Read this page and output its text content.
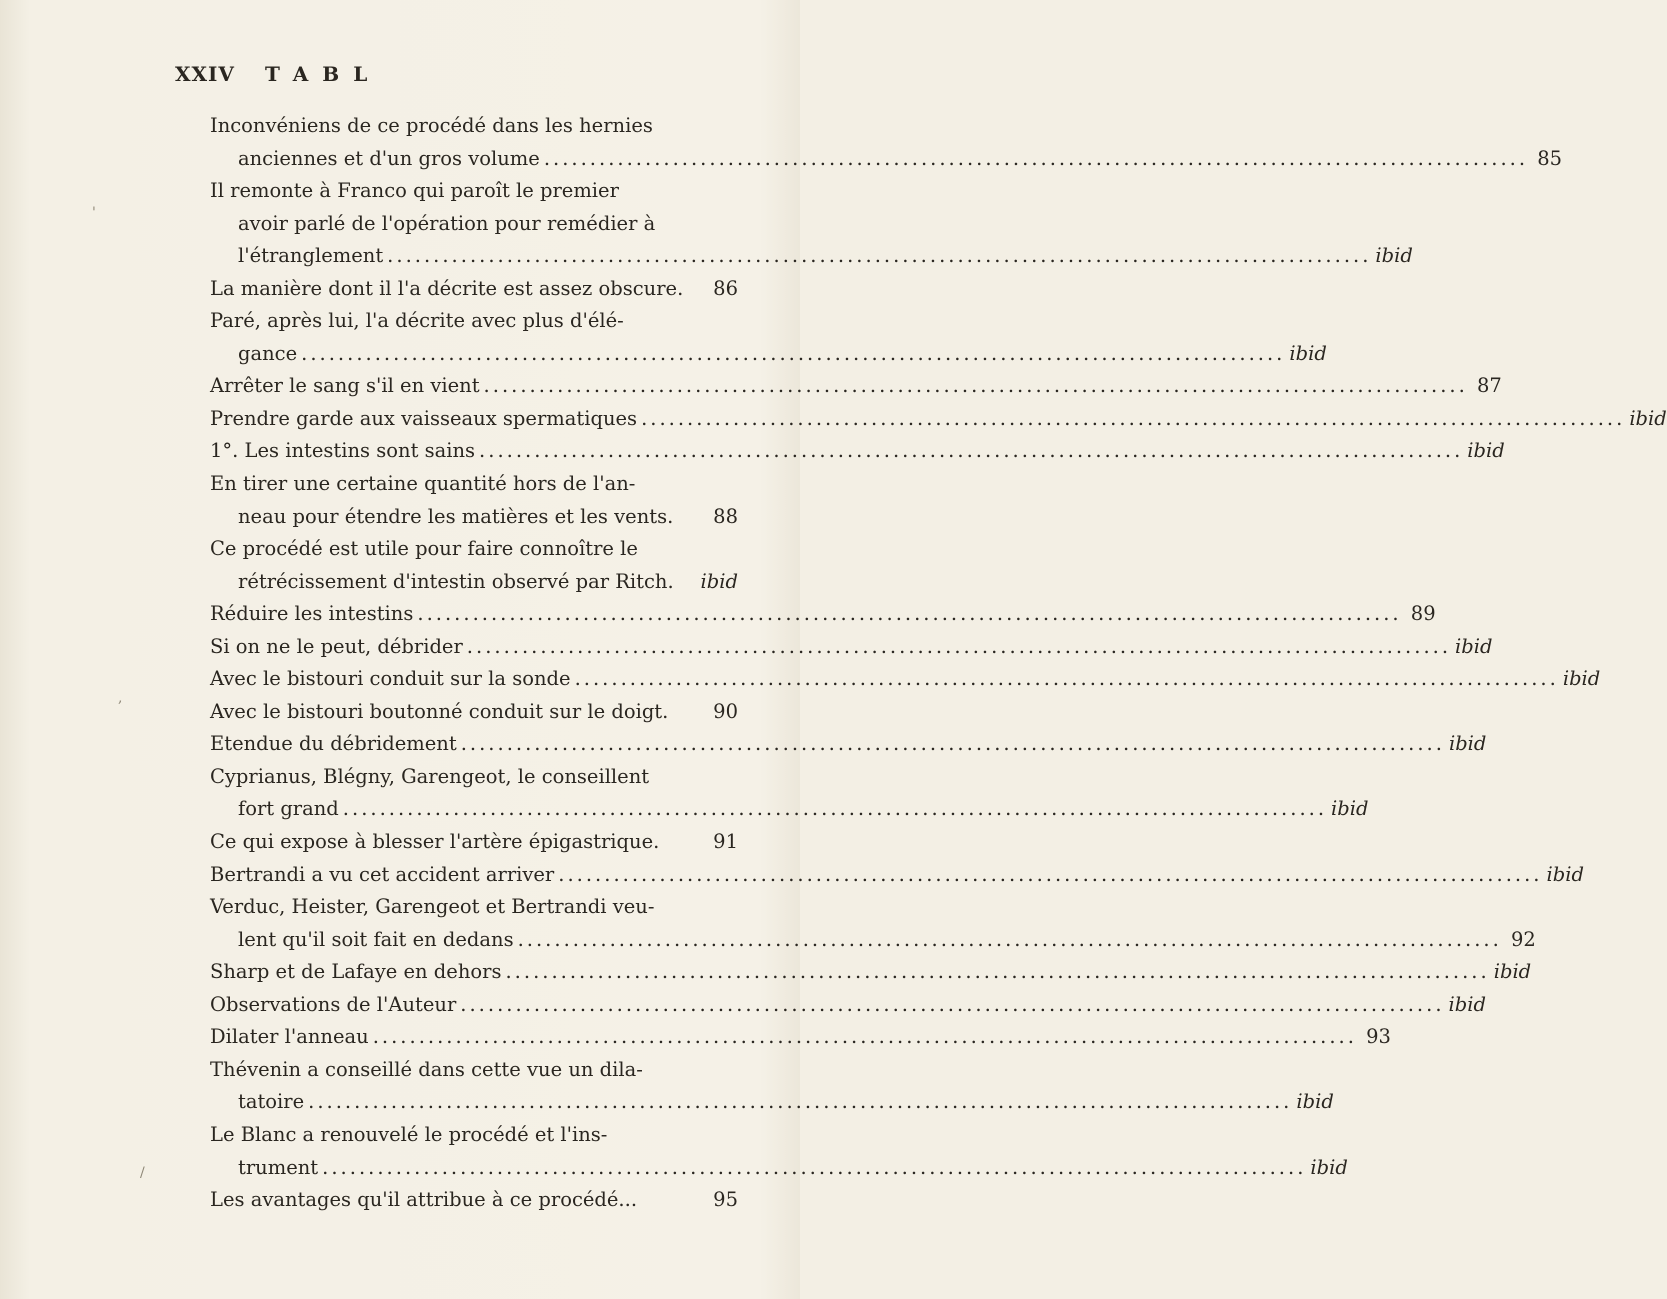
XXIV TABL
Inconvéniens de ce procédé dans les hernies
anciennes et d'un gros volume .....	85
Il remonte à Franco qui paroît le premier
avoir parlé de l'opération pour remédier à
l'étranglement .....	ibid
La manière dont il l'a décrite est assez obscure. 86
Paré, après lui, l'a décrite avec plus d'élé-
gance .....	ibid
Arrêter le sang s'il en vient .....	87
Prendre garde aux vaisseaux spermatiques .....	ibid
1°. Les intestins sont sains .....	ibid
En tirer une certaine quantité hors de l'an-
neau pour étendre les matières et les vents. 88
Ce procédé est utile pour faire connoître le
rétrécissement d'intestin observé par Ritch. ibid
Réduire les intestins .....	89
Si on ne le peut, débrider .....	ibid
Avec le bistouri conduit sur la sonde .....	ibid
Avec le bistouri boutonné conduit sur le doigt. 90
Etendue du débridement .....	ibid
Cyprianus, Blégny, Garengeot, le conseillent
fort grand .....	ibid
Ce qui expose à blesser l'artère épigastrique.	91
Bertrandi a vu cet accident arriver .....	ibid
Verduc, Heister, Garengeot et Bertrandi veu-
lent qu'il soit fait en dedans .....	92
Sharp et de Lafaye en dehors .....	ibid
Observations de l'Auteur .....	ibid
Dilater l'anneau .....	93
Thévenin a conseillé dans cette vue un dila-
tatoire .....	ibid
Le Blanc a renouvelé le procédé et l'ins-
trument .....	ibid
Les avantages qu'il attribue à ce procédé...	95
'
,
/
